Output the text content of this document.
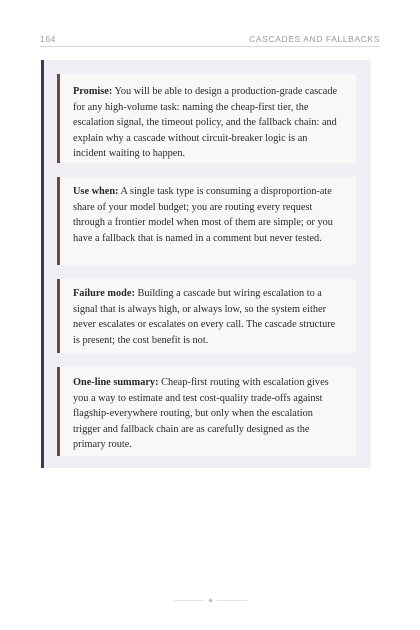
164	CASCADES AND FALLBACKS
Promise: You will be able to design a production-grade cascade for any high-volume task: naming the cheap-first tier, the escalation signal, the timeout policy, and the fallback chain: and explain why a cascade without circuit-breaker logic is an incident waiting to happen.
Use when: A single task type is consuming a disproportion-ate share of your model budget; you are routing every request through a frontier model when most of them are simple; or you have a fallback that is named in a comment but never tested.
Failure mode: Building a cascade but wiring escalation to a signal that is always high, or always low, so the system either never escalates or escalates on every call. The cascade structure is present; the cost benefit is not.
One-line summary: Cheap-first routing with escalation gives you a way to estimate and test cost-quality trade-offs against flagship-everywhere routing, but only when the escalation trigger and fallback chain are as carefully designed as the primary route.
